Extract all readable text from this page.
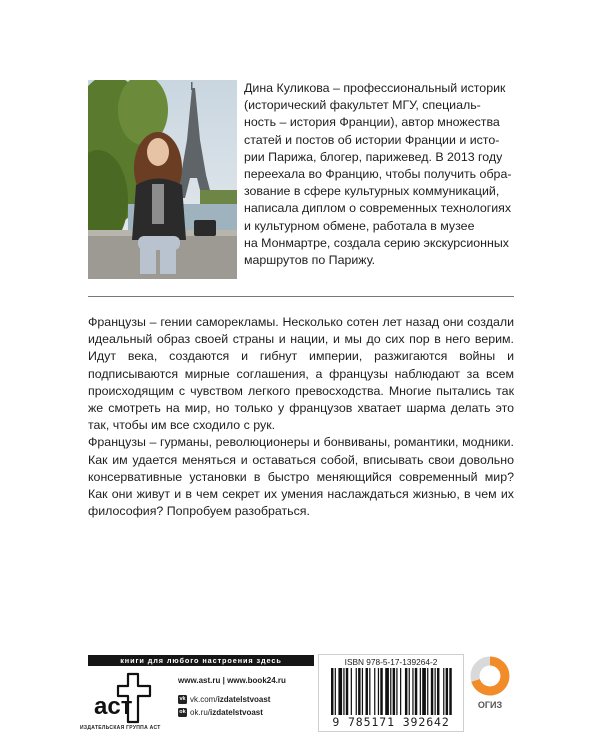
Дина Куликова – профессиональный историк
(исторический факультет МГУ, специаль-
ность – история Франции), автор множества
статей и постов об истории Франции и исто-
рии Парижа, блогер, парижевед. В 2013 году
переехала во Францию, чтобы получить обра-
зование в сфере культурных коммуникаций,
написала диплом о современных технологиях
и культурном обмене, работала в музее
на Монмартре, создала серию экскурсионных
маршрутов по Парижу.

Французы – гении саморекламы. Несколько сотен лет назад они создали идеальный образ своей страны и нации, и мы до сих пор в него верим. Идут века, создаются и гибнут империи, разжигаются войны и подписываются мирные соглашения, а французы наблюдают за всем происходящим с чувством легкого превосходства. Многие пытались так же смотреть на мир, но только у французов хватает шарма делать это так, чтобы им все сходило с рук.

Французы – гурманы, революционеры и бонвиваны, романтики, модники. Как им удается меняться и оставаться собой, вписывать свои довольно консервативные установки в быстро меняющийся современный мир? Как они живут и в чем секрет их умения наслаждаться жизнью, в чем их философия? Попробуем разобраться.

книги для любого настроения здесь
аст
ИЗДАТЕЛЬСКАЯ ГРУППА АСТ
www.ast.ru | www.book24.ru
vk vk.com/izdatelstvoast
ok ok.ru/izdatelstvoast
ISBN 978-5-17-139264-2
9 785171 392642
ОГИЗ
